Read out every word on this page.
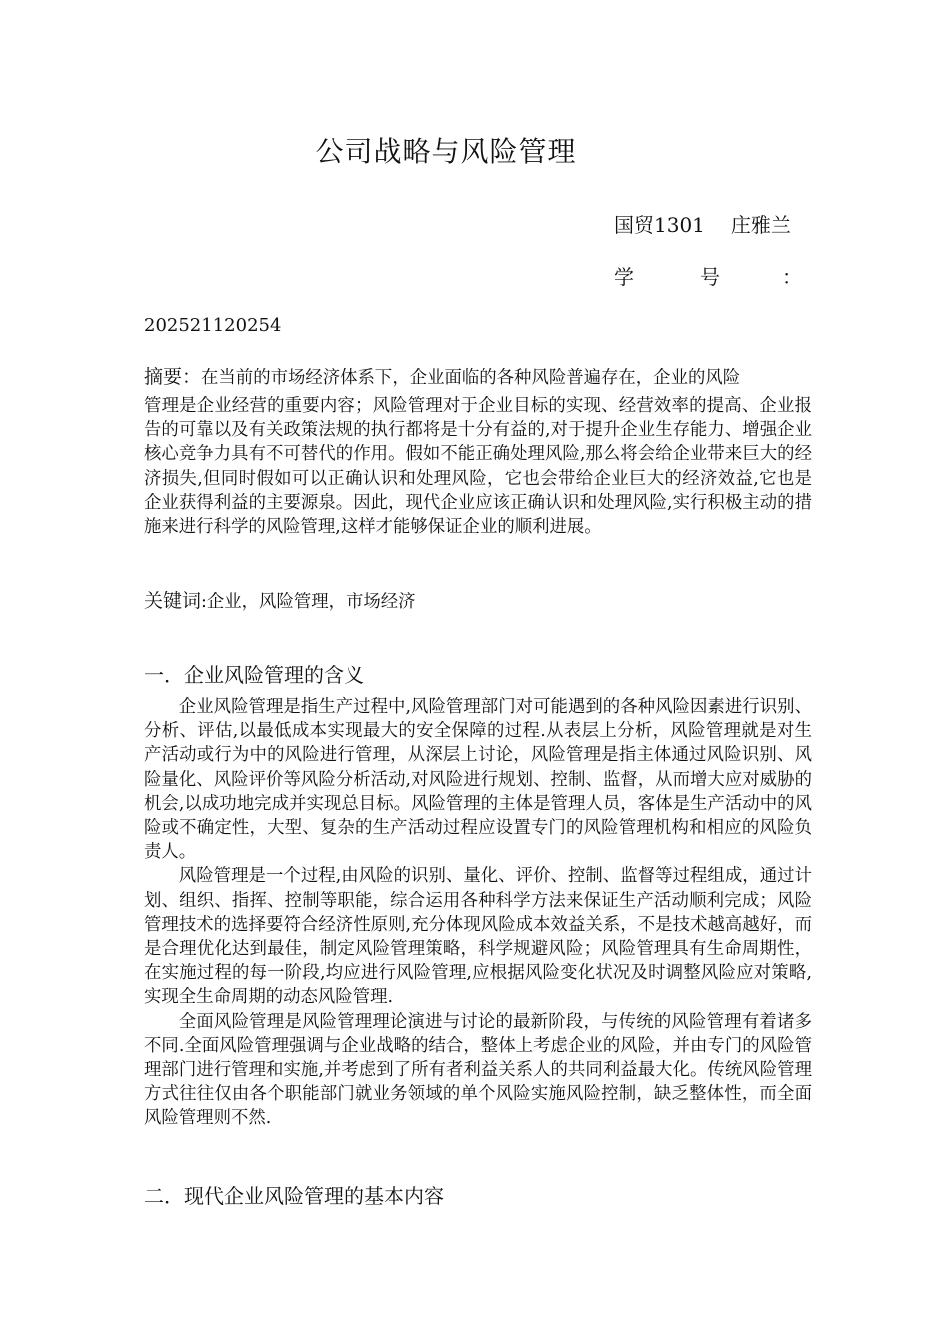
公司战略与风险管理
国贸1301 庄雅兰
学	号	：
202521120254
摘要：在当前的市场经济体系下，企业面临的各种风险普遍存在，企业的风险
管理是企业经营的重要内容；风险管理对于企业目标的实现、经营效率的提高、企业报告的可靠以及有关政策法规的执行都将是十分有益的,对于提升企业生存能力、增强企业核心竞争力具有不可替代的作用。假如不能正确处理风险,那么将会给企业带来巨大的经济损失,但同时假如可以正确认识和处理风险，它也会带给企业巨大的经济效益,它也是企业获得利益的主要源泉。因此，现代企业应该正确认识和处理风险,实行积极主动的措施来进行科学的风险管理,这样才能够保证企业的顺利进展。
关键词:企业，风险管理，市场经济
一．企业风险管理的含义

企业风险管理是指生产过程中,风险管理部门对可能遇到的各种风险因素进行识别、分析、评估,以最低成本实现最大的安全保障的过程.从表层上分析，风险管理就是对生产活动或行为中的风险进行管理，从深层上讨论，风险管理是指主体通过风险识别、风险量化、风险评价等风险分析活动,对风险进行规划、控制、监督，从而增大应对威胁的机会,以成功地完成并实现总目标。风险管理的主体是管理人员，客体是生产活动中的风险或不确定性，大型、复杂的生产活动过程应设置专门的风险管理机构和相应的风险负责人。

风险管理是一个过程,由风险的识别、量化、评价、控制、监督等过程组成，通过计划、组织、指挥、控制等职能，综合运用各种科学方法来保证生产活动顺利完成；风险管理技术的选择要符合经济性原则,充分体现风险成本效益关系，不是技术越高越好，而是合理优化达到最佳，制定风险管理策略，科学规避风险；风险管理具有生命周期性，在实施过程的每一阶段,均应进行风险管理,应根据风险变化状况及时调整风险应对策略,实现全生命周期的动态风险管理.

全面风险管理是风险管理理论演进与讨论的最新阶段，与传统的风险管理有着诸多不同.全面风险管理强调与企业战略的结合，整体上考虑企业的风险，并由专门的风险管理部门进行管理和实施,并考虑到了所有者利益关系人的共同利益最大化。传统风险管理方式往往仅由各个职能部门就业务领域的单个风险实施风险控制，缺乏整体性，而全面风险管理则不然.

二．现代企业风险管理的基本内容
